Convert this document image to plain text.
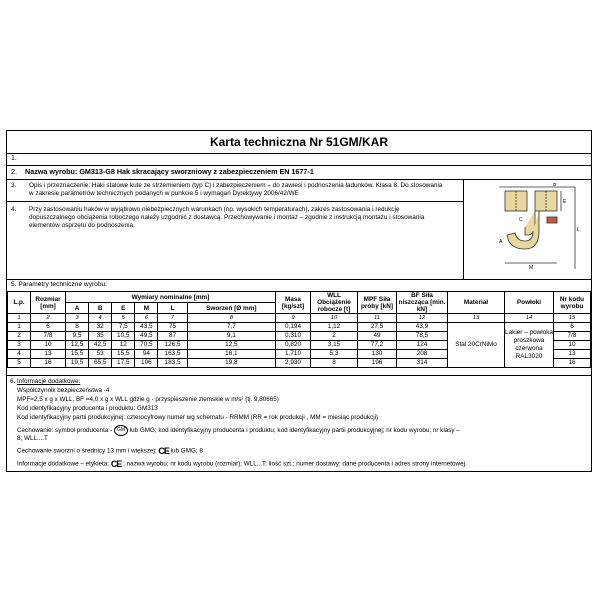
Karta techniczna Nr 51GM/KAR
1.
2. Nazwa wyrobu: GM313-G8 Hak skracający sworzniowy z zabezpieczeniem EN 1677-1
3. Opis i przeznaczenie: Haki stalowe kute ze strzemieniem (typ C) i zabezpieczeniem – do zawiesi i podnoszenia ładunków. Klasa 8. Do stosowania w zakresie parametrów technicznych podanych w punkcie 5 i wymagań Dyrektywy 2006/42/WE
4. Przy zastosowaniu haków w wyjątkowo niebezpiecznych warunkach (np. wysokich temperaturach), zakres zastosowania i redukcję dopuszczalnego obciążenia roboczego należy uzgodnić z dostawcą. Przechowywanie i montaż – zgodnie z instrukcją montażu i stosowania elementów osprzętu do podnoszenia.
B
E
M
L
C
A
5. Parametry techniczne wyrobu:
L.p.	Rozmiar [mm]	Wymiary nominalne [mm]						Masa [kg/szt]	WLL Obciążenie robocze [t]	MPF Siła próby [kN]	BF Siła niszcząca [min. kN]	Materiał	Powłoki	Nr kodu wyrobu
		A	B	E	M	L	Sworzeń [Ø mm]							
1	2	3	4	5	6	7	8	9	10	11	12	13	14	15
1	6	8	32	7,5	43,5	75	7,7	0,194	1,12	27,5	43,9	Stal 20CrNiMo	Lakier – powłoka proszkowa czerwona RAL3020	6
2	7/8	9,5	35	10,5	49,5	87	9,1	0,310	2	49	78,5			7/8
3	10	12,5	42,5	12	70,5	126,5	12,5	0,820	3,15	77,2	124			10
4	13	15,5	53	15,5	94	163,5	16,1	1,710	5,3	130	208			13
5	16	19,5	65,5	17,5	106	183,5	19,8	2,930	8	196	314			16
6. Informacje dodatkowe:
Współczynnik bezpieczeństwa -4
MPF=2,5 x g x WLL, BF =4,0 x g x WLL gdzie g - przyspieszenie ziemskie w m/s² (tj. 9,80665)
Kod identyfikacyjny producenta i produktu: GM313
Kod identyfikacyjny partii produkcyjnej: czterocyfrowy numer wg schematu - RRMM (RR = rok produkcji , MM = miesiąc produkcji)
Cechowanie: symbol producenta - GM lub GMG; kod identyfikacyjny producenta i produktu; kod identyfikacyjny partii produkcyjnej; nr kodu wyrobu; nr klasy –
8; WLL....T
Cechowanie sworzni o średnicy 13 mm i większej: CE lub GMG; 8
Informacje dodatkowe – etykieta: CE ; nazwa wyrobu; nr kodu wyrobu (rozmiar); WLL...T; ilość szt.; numer dostawy; dane producenta i adres strony internetowej.
